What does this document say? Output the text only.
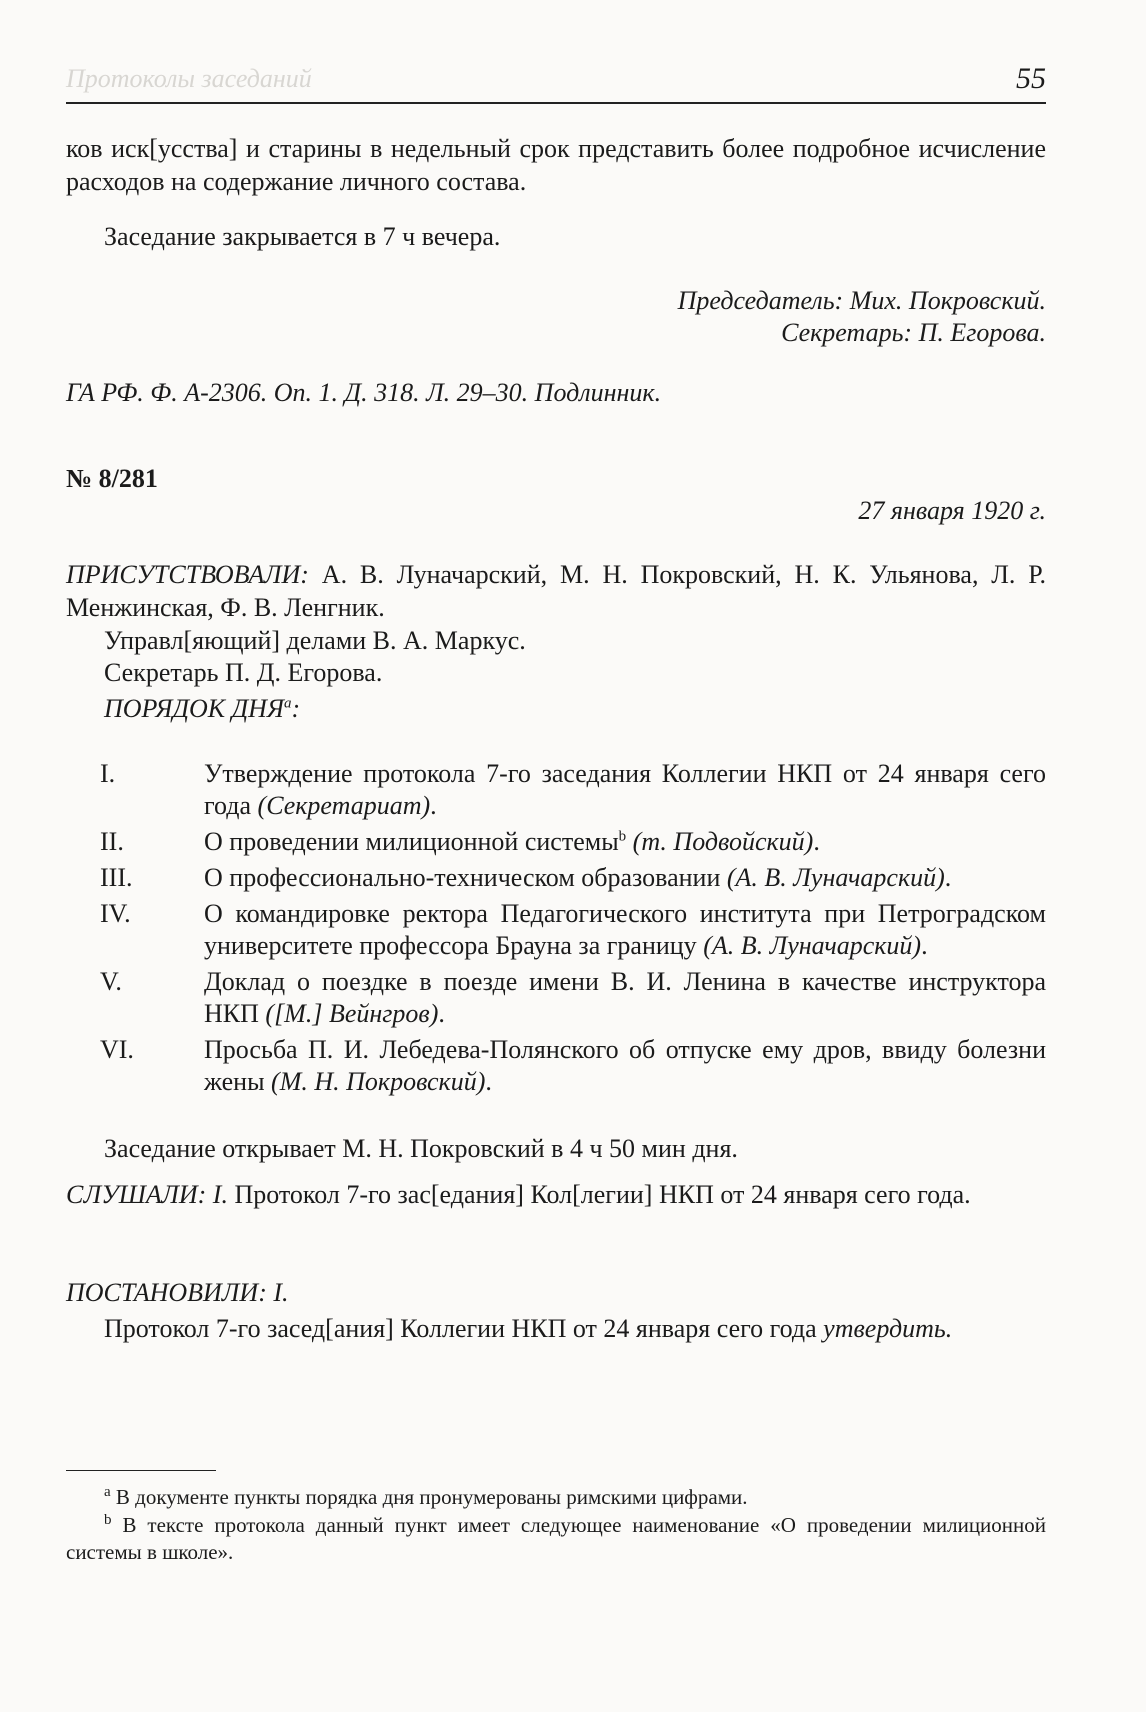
Протоколы заседаний	55

ков иск[усства] и старины в недельный срок представить более подробное исчисление расходов на содержание личного состава.

Заседание закрывается в 7 ч вечера.

Председатель: Мих. Покровский.

Секретарь: П. Егорова.

ГА РФ. Ф. А-2306. Оп. 1. Д. 318. Л. 29–30. Подлинник.

№ 8/281

27 января 1920 г.

ПРИСУТСТВОВАЛИ: А. В. Луначарский, М. Н. Покровский, Н. К. Ульянова, Л. Р. Менжинская, Ф. В. Ленгник.

Управл[яющий] делами В. А. Маркус.

Секретарь П. Д. Егорова.

ПОРЯДОК ДНЯ$^a$:

I.	Утверждение протокола 7-го заседания Коллегии НКП от 24 января сего года (Секретариат).
II.	О проведении милиционной системы$^b$ (т. Подвойский).
III.	О профессионально-техническом образовании (А. В. Луначарский).
IV.	О командировке ректора Педагогического института при Петроградском университете профессора Брауна за границу (А. В. Луначарский).
V.	Доклад о поездке в поезде имени В. И. Ленина в качестве инструктора НКП ([М.] Вейнгров).
VI.	Просьба П. И. Лебедева-Полянского об отпуске ему дров, ввиду болезни жены (М. Н. Покровский).

Заседание открывает М. Н. Покровский в 4 ч 50 мин дня.

СЛУШАЛИ: I. Протокол 7-го зас[едания] Кол[легии] НКП от 24 января сего года.

ПОСТАНОВИЛИ: I.

Протокол 7-го засед[ания] Коллегии НКП от 24 января сего года утвердить.

$^a$ В документе пункты порядка дня пронумерованы римскими цифрами.

$^b$ В тексте протокола данный пункт имеет следующее наименование «О проведении милиционной системы в школе».
